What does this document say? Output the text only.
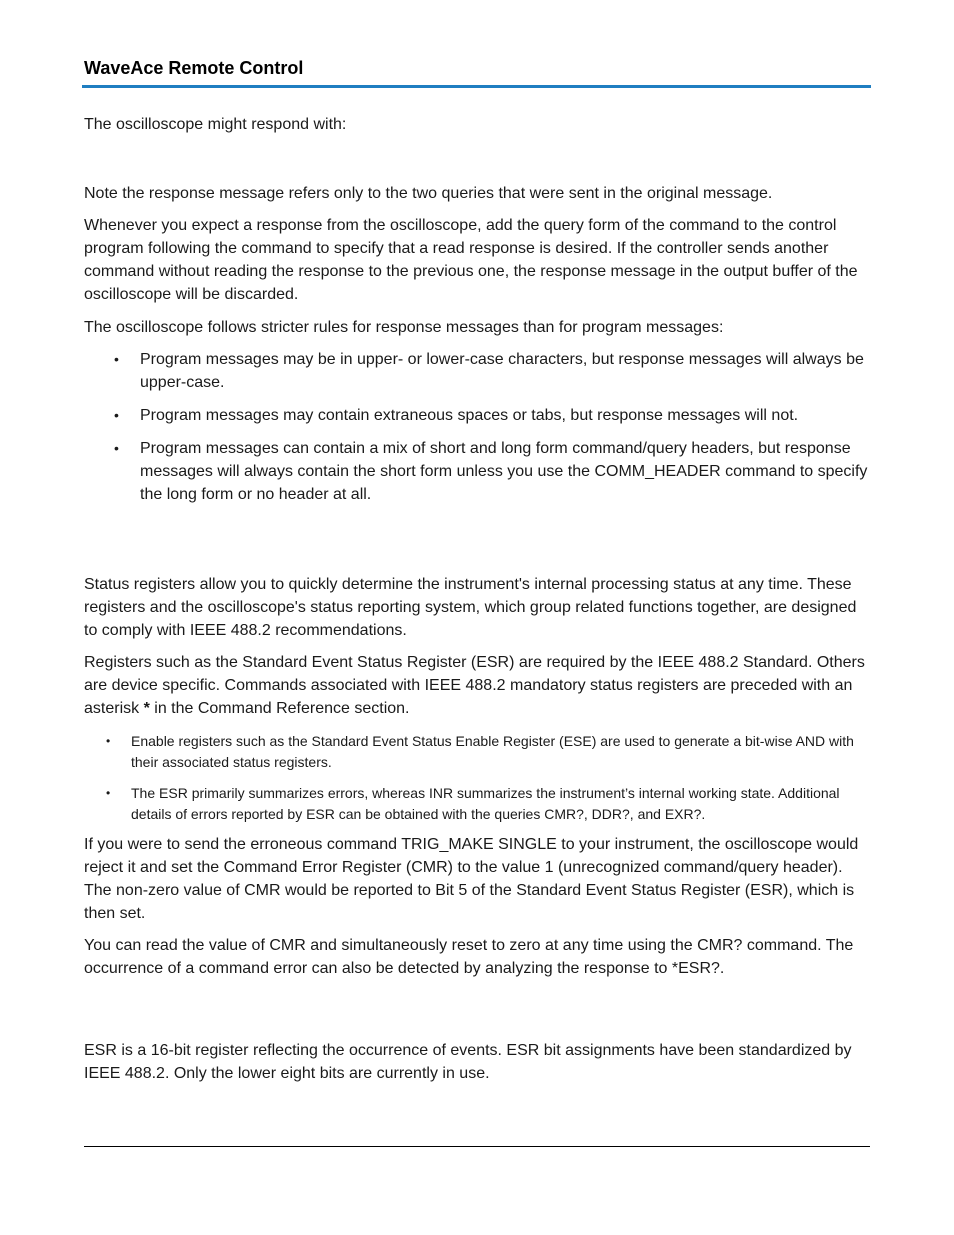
WaveAce Remote Control

The oscilloscope might respond with:

Note the response message refers only to the two queries that were sent in the original message.

Whenever you expect a response from the oscilloscope, add the query form of the command to the control program following the command to specify that a read response is desired. If the controller sends another command without reading the response to the previous one, the response message in the output buffer of the oscilloscope will be discarded.

The oscilloscope follows stricter rules for response messages than for program messages:

• Program messages may be in upper- or lower-case characters, but response messages will always be upper-case.
• Program messages may contain extraneous spaces or tabs, but response messages will not.
• Program messages can contain a mix of short and long form command/query headers, but response messages will always contain the short form unless you use the COMM_HEADER command to specify the long form or no header at all.

Status registers allow you to quickly determine the instrument's internal processing status at any time. These registers and the oscilloscope's status reporting system, which group related functions together, are designed to comply with IEEE 488.2 recommendations.

Registers such as the Standard Event Status Register (ESR) are required by the IEEE 488.2 Standard. Others are device specific. Commands associated with IEEE 488.2 mandatory status registers are preceded with an asterisk * in the Command Reference section.

• Enable registers such as the Standard Event Status Enable Register (ESE) are used to generate a bit-wise AND with their associated status registers.
• The ESR primarily summarizes errors, whereas INR summarizes the instrument’s internal working state. Additional details of errors reported by ESR can be obtained with the queries CMR?, DDR?, and EXR?.

If you were to send the erroneous command TRIG_MAKE SINGLE to your instrument, the oscilloscope would reject it and set the Command Error Register (CMR) to the value 1 (unrecognized command/query header). The non-zero value of CMR would be reported to Bit 5 of the Standard Event Status Register (ESR), which is then set.

You can read the value of CMR and simultaneously reset to zero at any time using the CMR? command. The occurrence of a command error can also be detected by analyzing the response to *ESR?.

ESR is a 16-bit register reflecting the occurrence of events. ESR bit assignments have been standardized by IEEE 488.2. Only the lower eight bits are currently in use.
